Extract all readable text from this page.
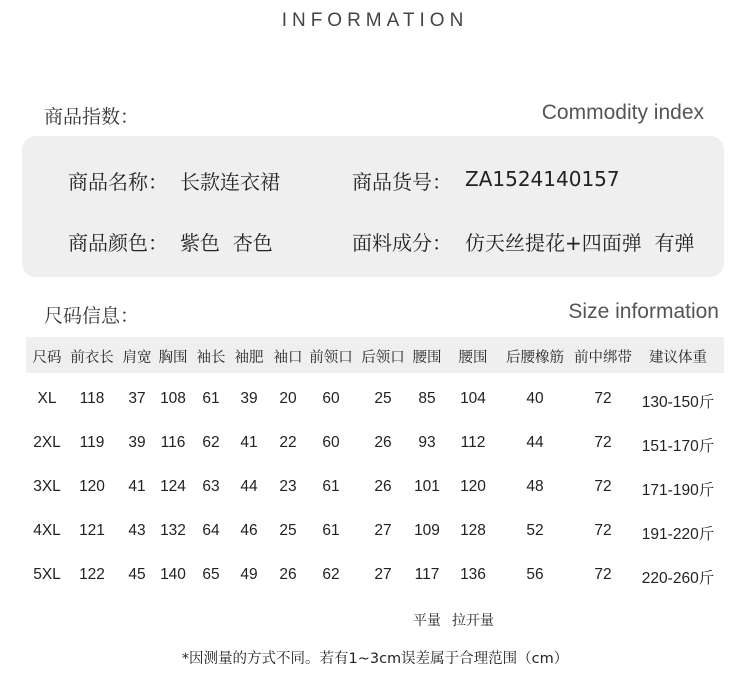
INFORMATION
商品指数：	Commodity index
商品名称： 长款连衣裙	商品货号： ZA1524140157
商品颜色： 紫色  杏色	面料成分： 仿天丝提花+四面弹  有弹
尺码信息：	Size information
尺码 前衣长 肩宽 胸围 袖长 袖肥 袖口 前领口 后领口 腰围 腰围 后腰橡筋 前中绑带 建议体重
XL 118 37 108 61 39 20 60 25 85 104	40	72 130-150斤
2XL 119 39 116 62 41 22 60 26 93 112	44	72 151-170斤
3XL 120 41 124 63 44 23 61 26 101 120	48	72 171-190斤
4XL 121 43 132 64 46 25 61 27 109 128	52	72 191-220斤
5XL 122 45 140 65 49 26 62 27 117 136	56	72 220-260斤
平量 拉开量
*因测量的方式不同。若有1~3cm误差属于合理范围（cm）
